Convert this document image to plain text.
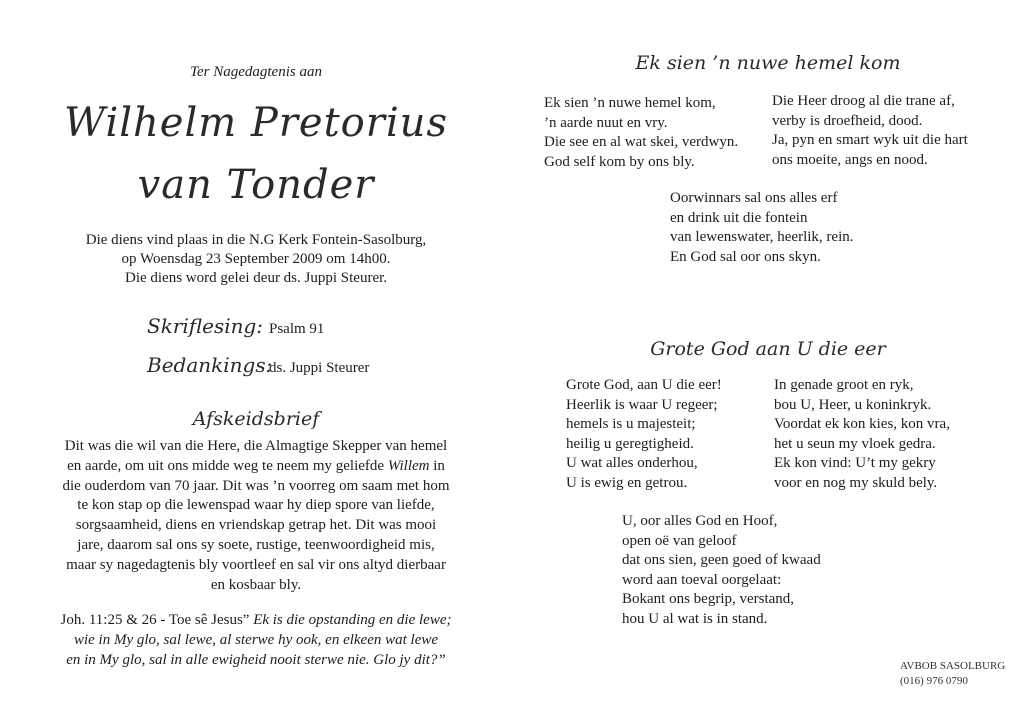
Ter Nagedagtenis aan
Wilhelm Pretorius
van Tonder
Die diens vind plaas in die N.G Kerk Fontein-Sasolburg,
op Woensdag 23 September 2009 om 14h00.
Die diens word gelei deur ds. Juppi Steurer.
Skriflesing: Psalm 91
Bedankings:ds. Juppi Steurer
Afskeidsbrief
Dit was die wil van die Here, die Almagtige Skepper van hemel
en aarde, om uit ons midde weg te neem my geliefde Willem in
die ouderdom van 70 jaar. Dit was ’n voorreg om saam met hom
te kon stap op die lewenspad waar hy diep spore van liefde,
sorgsaamheid, diens en vriendskap getrap het. Dit was mooi
jare, daarom sal ons sy soete, rustige, teenwoordigheid mis,
maar sy nagedagtenis bly voortleef en sal vir ons altyd dierbaar
en kosbaar bly.
Joh. 11:25 & 26 - Toe sê Jesus” Ek is die opstanding en die lewe;
wie in My glo, sal lewe, al sterwe hy ook, en elkeen wat lewe
en in My glo, sal in alle ewigheid nooit sterwe nie. Glo jy dit?”
Ek sien ’n nuwe hemel kom
Ek sien ’n nuwe hemel kom,
’n aarde nuut en vry.
Die see en al wat skei, verdwyn.
God self kom by ons bly.
Die Heer droog al die trane af,
verby is droefheid, dood.
Ja, pyn en smart wyk uit die hart
ons moeite, angs en nood.
Oorwinnars sal ons alles erf
en drink uit die fontein
van lewenswater, heerlik, rein.
En God sal oor ons skyn.
Grote God aan U die eer
Grote God, aan U die eer!
Heerlik is waar U regeer;
hemels is u majesteit;
heilig u geregtigheid.
U wat alles onderhou,
U is ewig en getrou.
In genade groot en ryk,
bou U, Heer, u koninkryk.
Voordat ek kon kies, kon vra,
het u seun my vloek gedra.
Ek kon vind: U’t my gekry
voor en nog my skuld bely.
U, oor alles God en Hoof,
open oë van geloof
dat ons sien, geen goed of kwaad
word aan toeval oorgelaat:
Bokant ons begrip, verstand,
hou U al wat is in stand.
AVBOB SASOLBURG
(016) 976 0790
